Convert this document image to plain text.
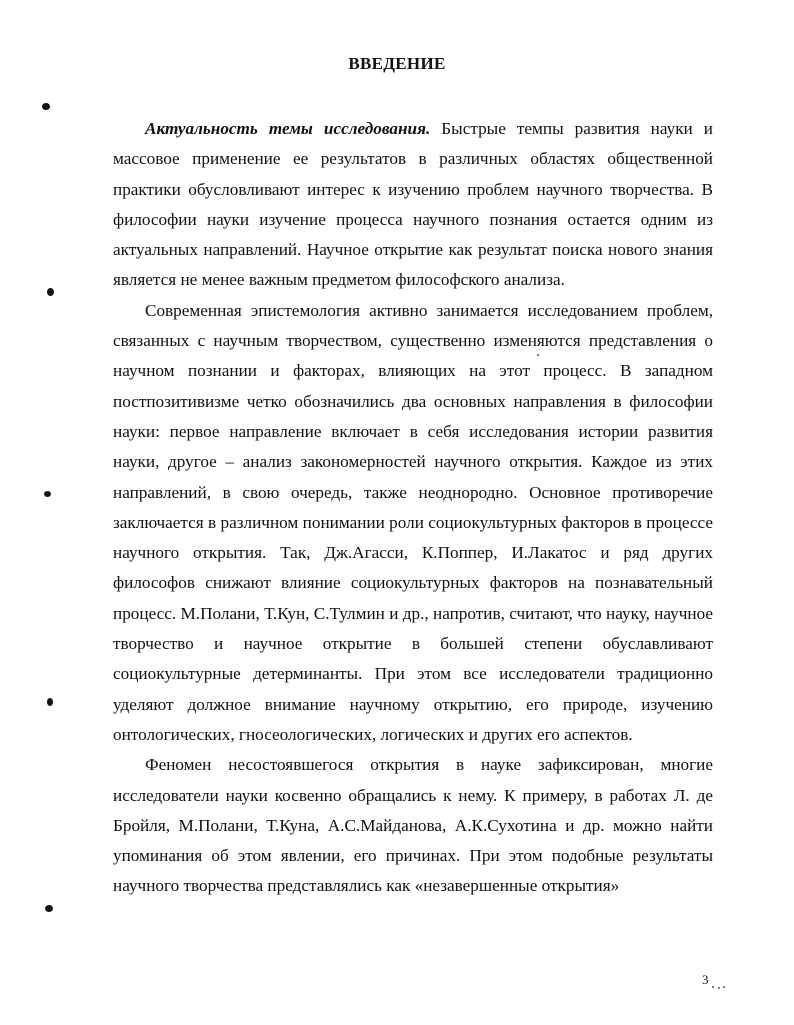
ВВЕДЕНИЕ

Актуальность темы исследования. Быстрые темпы развития науки и массовое применение ее результатов в различных областях общественной практики обусловливают интерес к изучению проблем научного творчества. В философии науки изучение процесса научного познания остается одним из актуальных направлений. Научное открытие как результат поиска нового знания является не менее важным предметом философского анализа.

Современная эпистемология активно занимается исследованием проблем, связанных с научным творчеством, существенно изменяются представления о научном познании и факторах, влияющих на этот процесс. В западном постпозитивизме четко обозначились два основных направления в философии науки: первое направление включает в себя исследования истории развития науки, другое – анализ закономерностей научного открытия. Каждое из этих направлений, в свою очередь, также неоднородно. Основное противоречие заключается в различном понимании роли социокультурных факторов в процессе научного открытия. Так, Дж.Агасси, К.Поппер, И.Лакатос и ряд других философов снижают влияние социокультурных факторов на познавательный процесс. М.Полани, Т.Кун, С.Тулмин и др., напротив, считают, что науку, научное творчество и научное открытие в большей степени обуславливают социокультурные детерминанты. При этом все исследователи традиционно уделяют должное внимание научному открытию, его природе, изучению онтологических, гносеологических, логических и других его аспектов.

Феномен несостоявшегося открытия в науке зафиксирован, многие исследователи науки косвенно обращались к нему. К примеру, в работах Л. де Бройля, М.Полани, Т.Куна, А.С.Майданова, А.К.Сухотина и др. можно найти упоминания об этом явлении, его причинах. При этом подобные результаты научного творчества представлялись как «незавершенные открытия»

3
